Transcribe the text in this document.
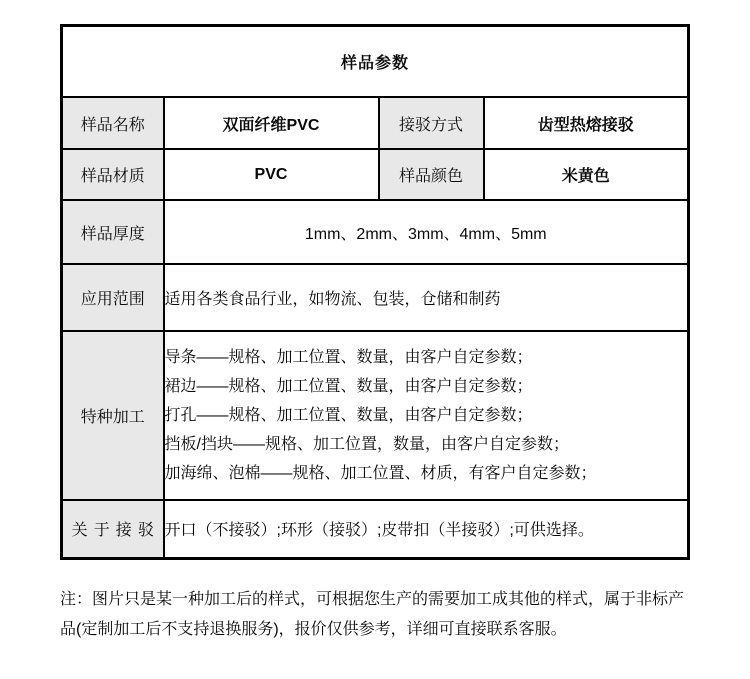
样品参数			
样品名称	双面纤维PVC	接驳方式	齿型热熔接驳
样品材质	PVC	样品颜色	米黄色
样品厚度	1mm、2mm、3mm、4mm、5mm		
应用范围	适用各类食品行业，如物流、包装，仓储和制药		
特种加工	导条——规格、加工位置、数量，由客户自定参数；
裙边——规格、加工位置、数量，由客户自定参数；
打孔——规格、加工位置、数量，由客户自定参数；
挡板/挡块——规格、加工位置，数量，由客户自定参数；
加海绵、泡棉——规格、加工位置、材质，有客户自定参数；		

关于接驳	开口（不接驳）;环形（接驳）;皮带扣（半接驳）;可供选择。		
注：图片只是某一种加工后的样式，可根据您生产的需要加工成其他的样式，属于非标产品(定制加工后不支持退换服务)，报价仅供参考，详细可直接联系客服。
